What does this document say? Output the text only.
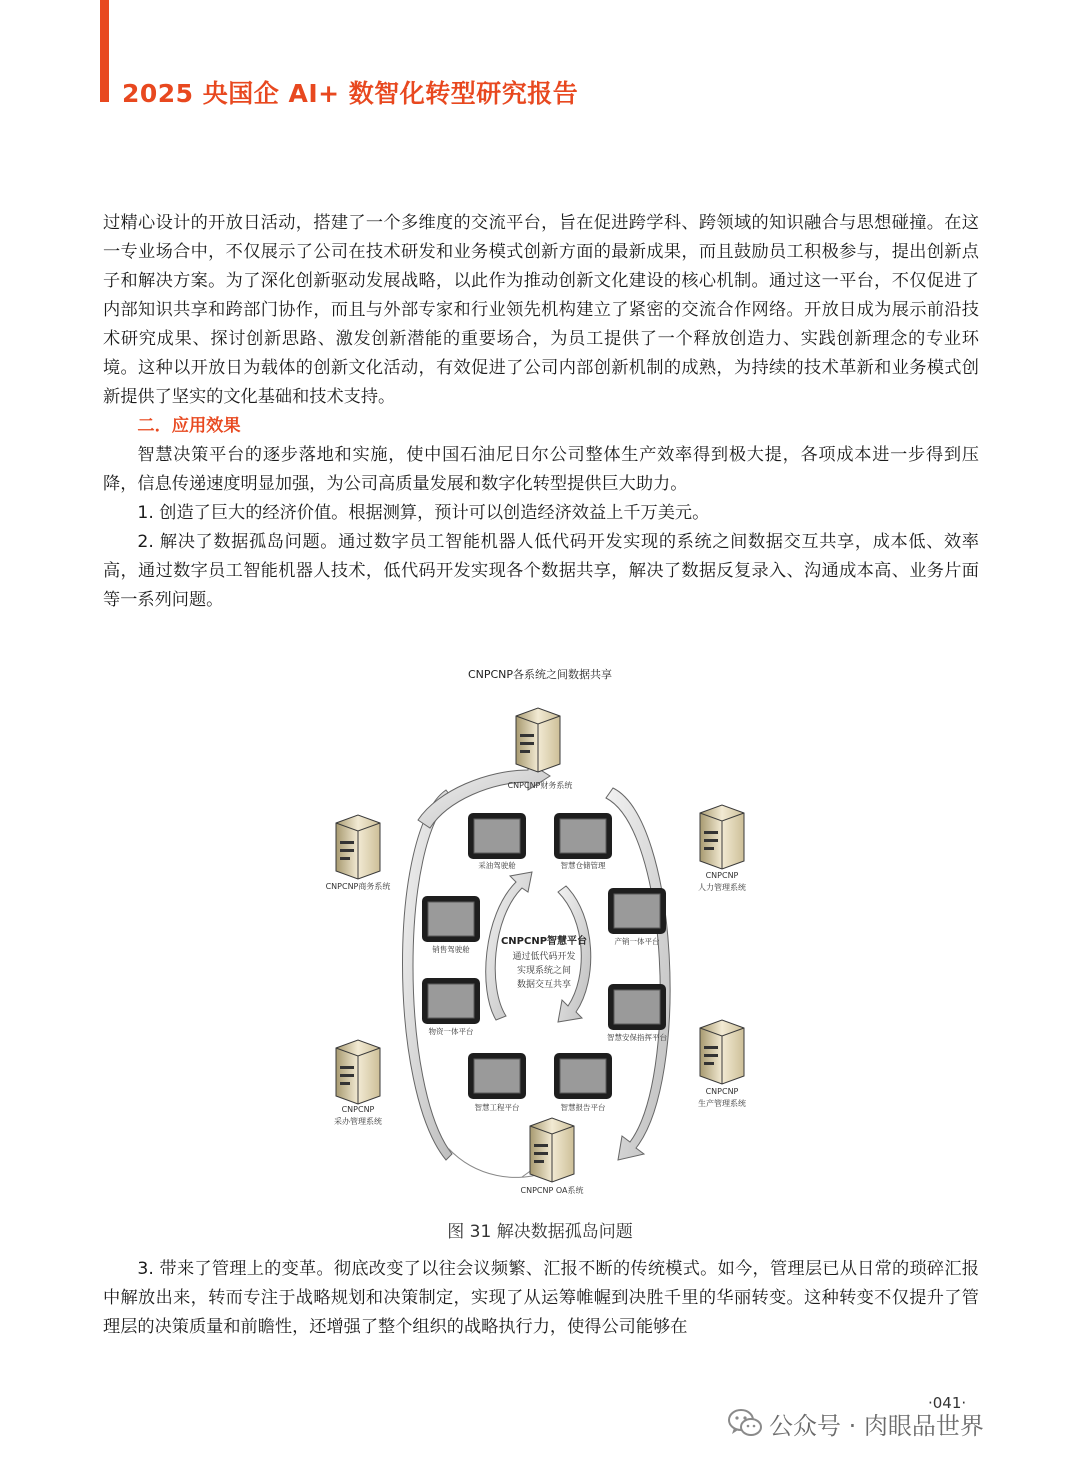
2025 央国企 AI+ 数智化转型研究报告

过精心设计的开放日活动，搭建了一个多维度的交流平台，旨在促进跨学科、跨领域的知识融合与思想碰撞。在这一专业场合中，不仅展示了公司在技术研发和业务模式创新方面的最新成果，而且鼓励员工积极参与，提出创新点子和解决方案。为了深化创新驱动发展战略，以此作为推动创新文化建设的核心机制。通过这一平台，不仅促进了内部知识共享和跨部门协作，而且与外部专家和行业领先机构建立了紧密的交流合作网络。开放日成为展示前沿技术研究成果、探讨创新思路、激发创新潜能的重要场合，为员工提供了一个释放创造力、实践创新理念的专业环境。这种以开放日为载体的创新文化活动，有效促进了公司内部创新机制的成熟，为持续的技术革新和业务模式创新提供了坚实的文化基础和技术支持。

二．应用效果

智慧决策平台的逐步落地和实施，使中国石油尼日尔公司整体生产效率得到极大提，各项成本进一步得到压降，信息传递速度明显加强，为公司高质量发展和数字化转型提供巨大助力。

1. 创造了巨大的经济价值。根据测算，预计可以创造经济效益上千万美元。

2. 解决了数据孤岛问题。通过数字员工智能机器人低代码开发实现的系统之间数据交互共享，成本低、效率高，通过数字员工智能机器人技术，低代码开发实现各个数据共享，解决了数据反复录入、沟通成本高、业务片面等一系列问题。

CNPCNP各系统之间数据共享
CNPCNP财务系统
CNPCNP商务系统
CNPCNP
人力管理系统
CNPCNP
生产管理系统
CNPCNP
采办管理系统
CNPCNP OA系统
采油驾驶舱	智慧仓储管理
产销一体平台
智慧安保指挥平台
智慧报告平台
智慧工程平台
物资一体平台
销售驾驶舱
CNPCNP智慧平台
通过低代码开发
实现系统之间
数据交互共享
图 31 解决数据孤岛问题

3. 带来了管理上的变革。彻底改变了以往会议频繁、汇报不断的传统模式。如今，管理层已从日常的琐碎汇报中解放出来，转而专注于战略规划和决策制定，实现了从运筹帷幄到决胜千里的华丽转变。这种转变不仅提升了管理层的决策质量和前瞻性，还增强了整个组织的战略执行力，使得公司能够在

·041·
公众号 · 肉眼品世界
